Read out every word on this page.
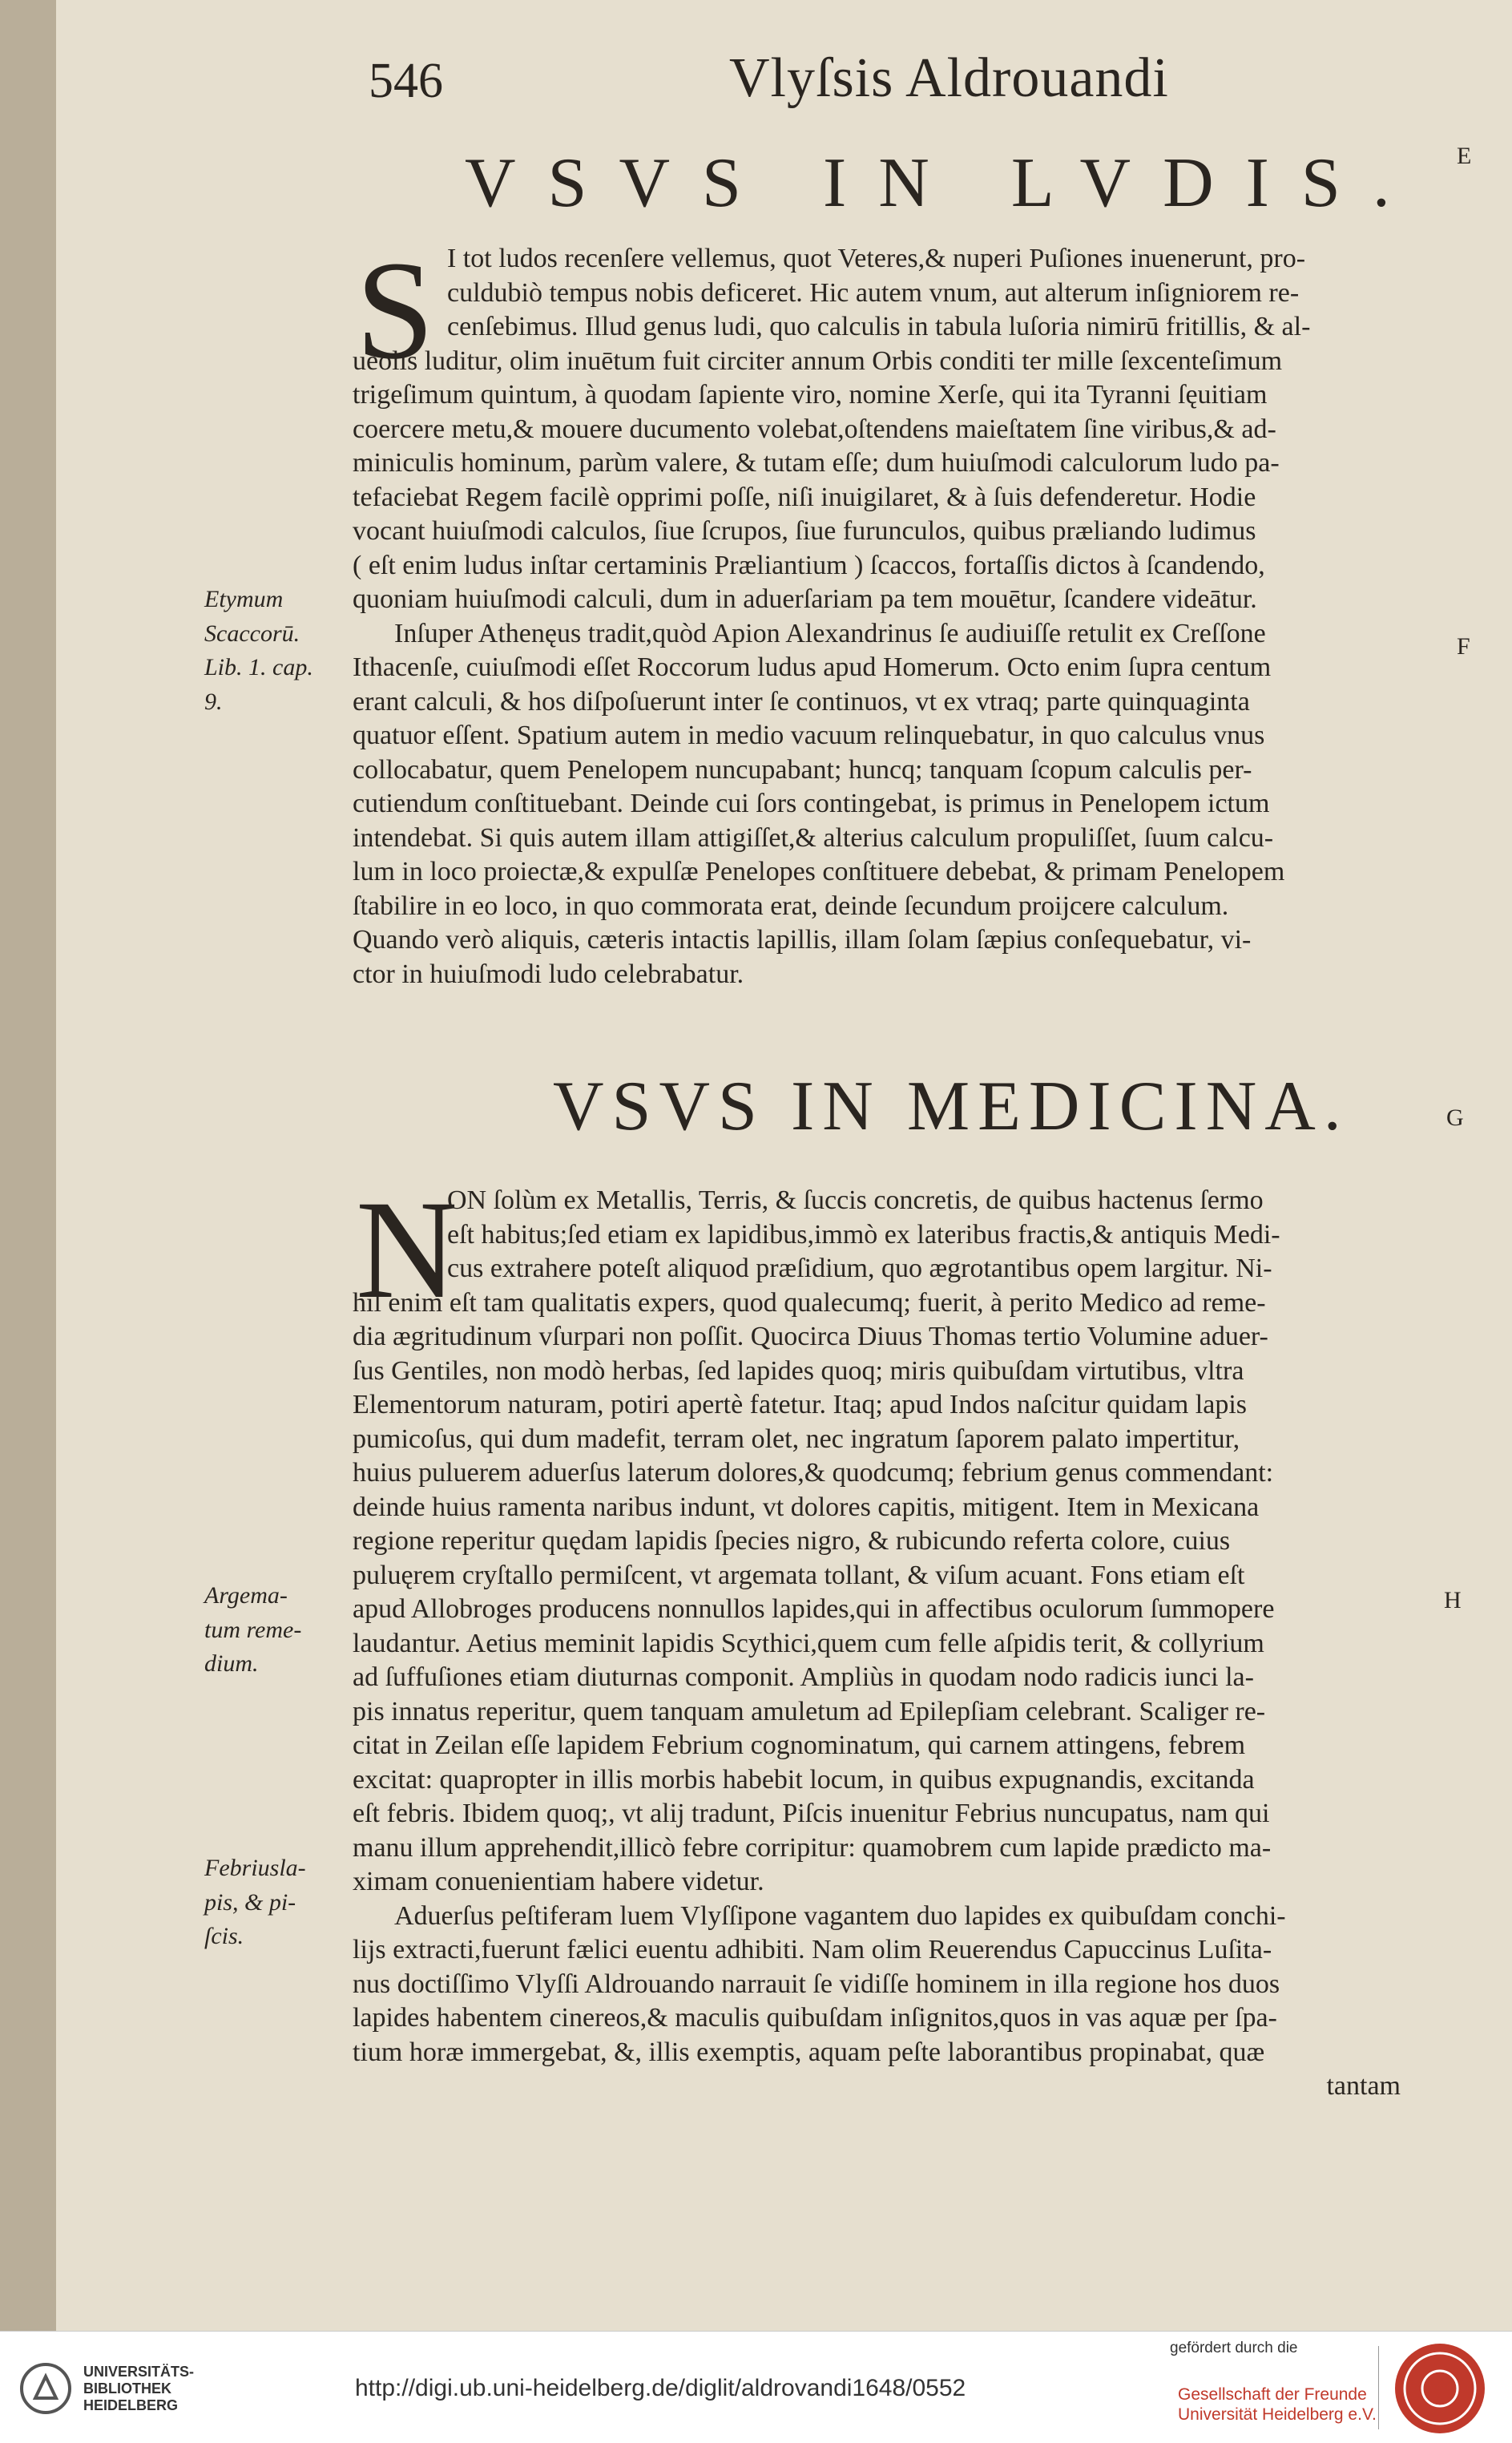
546	Vlyſsis Aldrouandi
E
F
G
H
VSVS IN LVDIS.
S I tot ludos recenſere vellemus, quot Veteres,& nuperi Puſiones inuenerunt, pro-
culdubiò tempus nobis deficeret. Hic autem vnum, aut alterum inſigniorem re-
cenſebimus. Illud genus ludi, quo calculis in tabula luſoria nimirū fritillis, & al-
ueolis luditur, olim inuētum fuit circiter annum Orbis conditi ter mille ſexcenteſimum
trigeſimum quintum, à quodam ſapiente viro, nomine Xerſe, qui ita Tyranni ſęuitiam
coercere metu,& mouere ducumento volebat,oſtendens maieſtatem ſine viribus,& ad-
miniculis hominum, parùm valere, & tutam eſſe; dum huiuſmodi calculorum ludo pa-
tefaciebat Regem facilè opprimi poſſe, niſi inuigilaret, & à ſuis defenderetur. Hodie
vocant huiuſmodi calculos, ſiue ſcrupos, ſiue furunculos, quibus præliando ludimus
( eſt enim ludus inſtar certaminis Præliantium ) ſcaccos, fortaſſis dictos à ſcandendo,
quoniam huiuſmodi calculi, dum in aduerſariam pa tem mouētur, ſcandere videātur.
Inſuper Athenęus tradit,quòd Apion Alexandrinus ſe audiuiſſe retulit ex Creſſone
Ithacenſe, cuiuſmodi eſſet Roccorum ludus apud Homerum. Octo enim ſupra centum
erant calculi, & hos diſpoſuerunt inter ſe continuos, vt ex vtraq; parte quinquaginta
quatuor eſſent. Spatium autem in medio vacuum relinquebatur, in quo calculus vnus
collocabatur, quem Penelopem nuncupabant; huncq; tanquam ſcopum calculis per-
cutiendum conſtituebant. Deinde cui ſors contingebat, is primus in Penelopem ictum
intendebat. Si quis autem illam attigiſſet,& alterius calculum propuliſſet, ſuum calcu-
lum in loco proiectæ,& expulſæ Penelopes conſtituere debebat, & primam Penelopem
ſtabilire in eo loco, in quo commorata erat, deinde ſecundum proijcere calculum.
Quando verò aliquis, cæteris intactis lapillis, illam ſolam ſæpius conſequebatur, vi-
ctor in huiuſmodi ludo celebrabatur.
Etymum
Scaccorū.
Lib. 1. cap.
9.
VSVS IN MEDICINA.
N
ON ſolùm ex Metallis, Terris, & ſuccis concretis, de quibus hactenus ſermo
eſt habitus;ſed etiam ex lapidibus,immò ex lateribus fractis,& antiquis Medi-
cus extrahere poteſt aliquod præſidium, quo ægrotantibus opem largitur. Ni-
hil enim eſt tam qualitatis expers, quod qualecumq; fuerit, à perito Medico ad reme-
dia ægritudinum vſurpari non poſſit. Quocirca Diuus Thomas tertio Volumine aduer-
ſus Gentiles, non modò herbas, ſed lapides quoq; miris quibuſdam virtutibus, vltra
Elementorum naturam, potiri apertè fatetur. Itaq; apud Indos naſcitur quidam lapis
pumicoſus, qui dum madefit, terram olet, nec ingratum ſaporem palato impertitur,
huius puluerem aduerſus laterum dolores,& quodcumq; febrium genus commendant:
deinde huius ramenta naribus indunt, vt dolores capitis, mitigent. Item in Mexicana
regione reperitur quędam lapidis ſpecies nigro, & rubicundo referta colore, cuius
puluęrem cryſtallo permiſcent, vt argemata tollant, & viſum acuant. Fons etiam eſt
apud Allobroges producens nonnullos lapides,qui in affectibus oculorum ſummopere
laudantur. Aetius meminit lapidis Scythici,quem cum felle aſpidis terit, & collyrium
ad ſuffuſiones etiam diuturnas componit. Ampliùs in quodam nodo radicis iunci la-
pis innatus reperitur, quem tanquam amuletum ad Epilepſiam celebrant. Scaliger re-
citat in Zeilan eſſe lapidem Febrium cognominatum, qui carnem attingens, febrem
excitat: quapropter in illis morbis habebit locum, in quibus expugnandis, excitanda
eſt febris. Ibidem quoq;, vt alij tradunt, Piſcis inuenitur Febrius nuncupatus, nam qui
manu illum apprehendit,illicò febre corripitur: quamobrem cum lapide prædicto ma-
ximam conuenientiam habere videtur.
Aduerſus peſtiferam luem Vlyſſipone vagantem duo lapides ex quibuſdam conchi-
lijs extracti,fuerunt fælici euentu adhibiti. Nam olim Reuerendus Capuccinus Luſita-
nus doctiſſimo Vlyſſi Aldrouando narrauit ſe vidiſſe hominem in illa regione hos duos
lapides habentem cinereos,& maculis quibuſdam inſignitos,quos in vas aquæ per ſpa-
tium horæ immergebat, &, illis exemptis, aquam peſte laborantibus propinabat, quæ
tantam
Argema-
tum reme-
dium.
Febriusla-
pis, & pi-
ſcis.
UNIVERSITÄTS-
BIBLIOTHEK
HEIDELBERG
http://digi.ub.uni-heidelberg.de/diglit/aldrovandi1648/0552
gefördert durch die
Gesellschaft der Freunde
Universität Heidelberg e.V.
